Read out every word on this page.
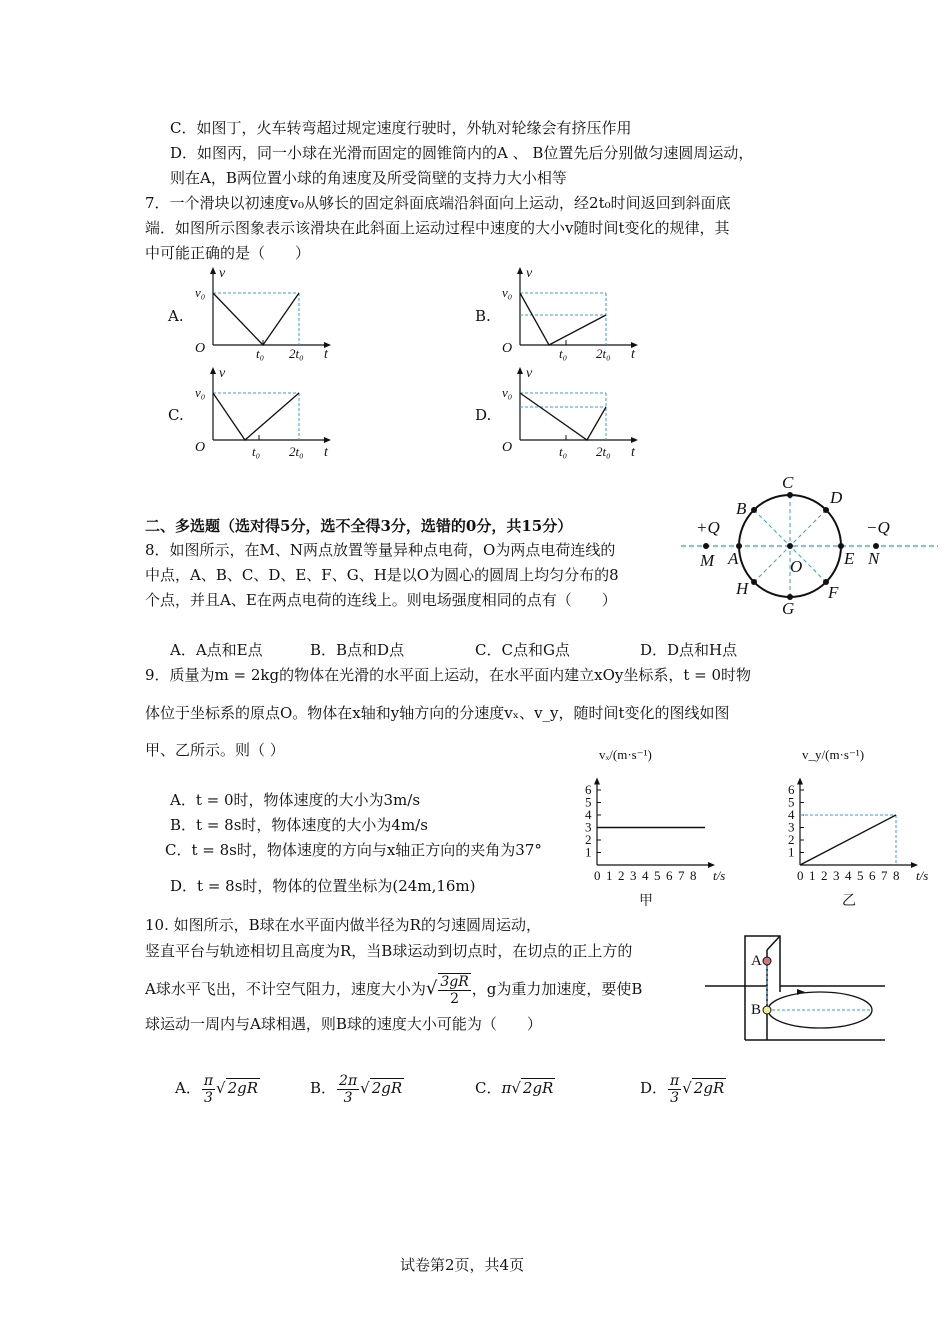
C．如图丁，火车转弯超过规定速度行驶时，外轨对轮缘会有挤压作用
D．如图丙，同一小球在光滑而固定的圆锥筒内的A 、 B位置先后分别做匀速圆周运动，
则在A，B两位置小球的角速度及所受筒壁的支持力大小相等
7．一个滑块以初速度v₀从够长的固定斜面底端沿斜面向上运动，经2t₀时间返回到斜面底
端．如图所示图象表示该滑块在此斜面上运动过程中速度的大小v随时间t变化的规律，其
中可能正确的是（　　）
A.	B.
C.	D.
v
v₀
O	t₀ 2t₀ t
v
v₀
O	t₀ 2t₀ t
v
v₀
O	t₀ 2t₀ t
v
v₀
O	t₀ 2t₀ t
二、多选题（选对得5分，选不全得3分，选错的0分，共15分）
8．如图所示，在M、N两点放置等量异种点电荷，O为两点电荷连线的
中点，A、B、C、D、E、F、G、H是以O为圆心的圆周上均匀分布的8
个点，并且A、E在两点电荷的连线上。则电场强度相同的点有（　　）
+Q	−Q
M	N
A
B
C
D
E
F
G
H
O
A．A点和E点	B．B点和D点	C．C点和G点	D．D点和H点
9．质量为m = 2kg的物体在光滑的水平面上运动，在水平面内建立xOy坐标系，t = 0时物
体位于坐标系的原点O。物体在x轴和y轴方向的分速度vₓ、v_y，随时间t变化的图线如图
甲、乙所示。则（ ）
A．t = 0时，物体速度的大小为3m/s
B．t = 8s时，物体速度的大小为4m/s
C．t = 8s时，物体速度的方向与x轴正方向的夹角为37°
D．t = 8s时，物体的位置坐标为(24m,16m)
0 1 2 3 4 5 6 7 8
1
2
3
4
5
6
vₓ/(m·s⁻¹)
t/s
甲
0 1 2 3 4 5 6 7 8
1
2
3
4
5
6
v_y/(m·s⁻¹)
t/s
乙
10. 如图所示，B球在水平面内做半径为R的匀速圆周运动，
竖直平台与轨迹相切且高度为R，当B球运动到切点时，在切点的正上方的
A球水平飞出，不计空气阻力，速度大小为√ $\frac{3gR}{2}$ ，g为重力加速度，要使B
球运动一周内与A球相遇，则B球的速度大小可能为（　　）
A
B
A． $\frac{\pi}{3}$ √ 2gR	B． $\frac{2\pi}{3}$ √ 2gR	C．π√ 2gR	D． $\frac{\pi}{3}$ √ 2gR
试卷第2页，共4页
